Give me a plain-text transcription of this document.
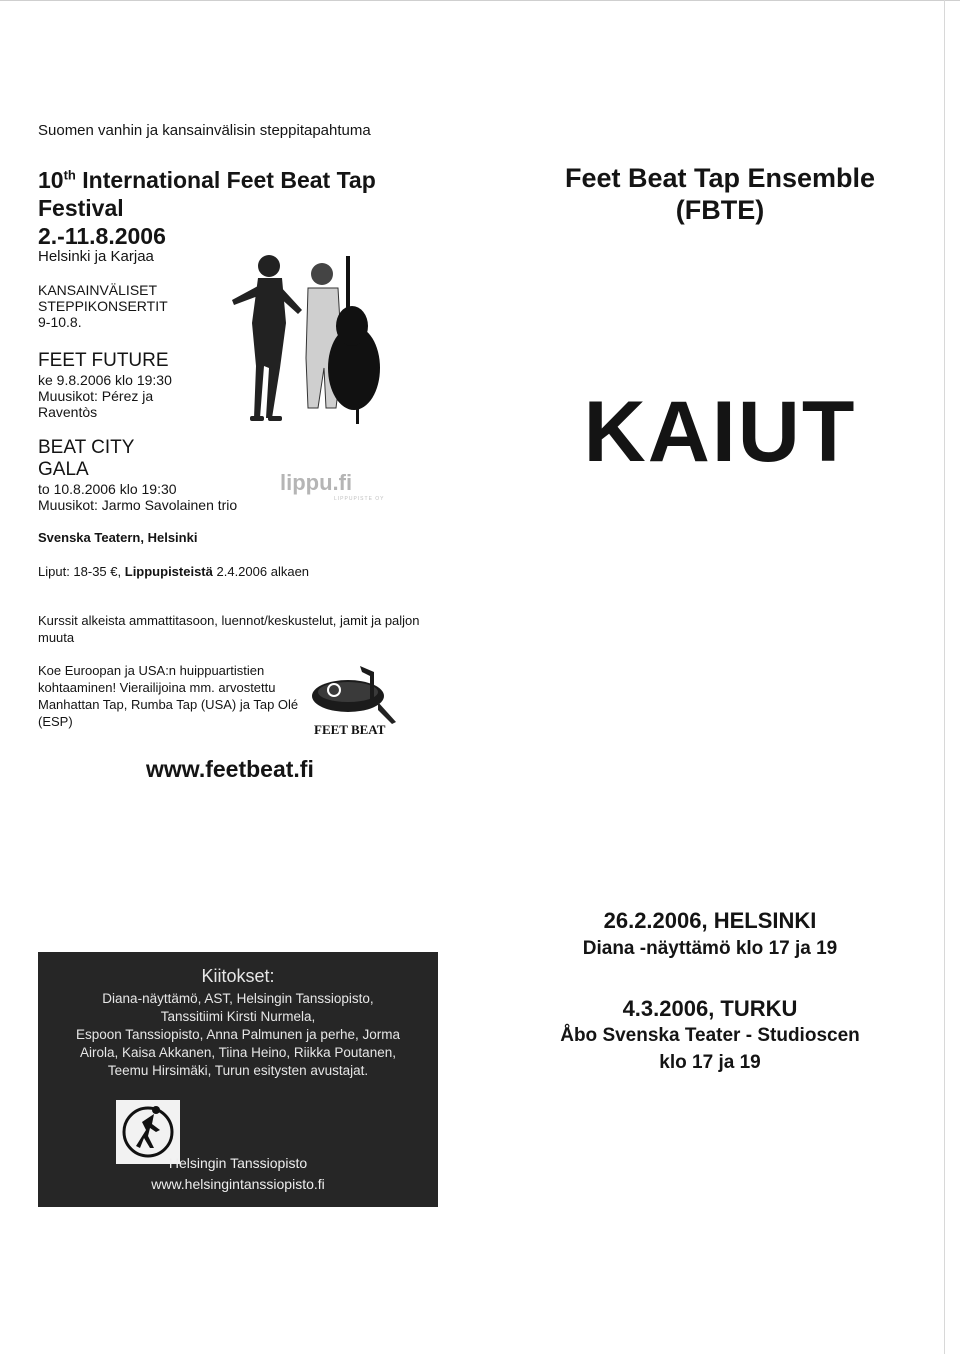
Suomen vanhin ja kansainvälisin steppitapahtuma
10th International Feet Beat Tap Festival
2.-11.8.2006
Helsinki ja Karjaa
KANSAINVÄLISET
STEPPIKONSERTIT
9-10.8.
FEET FUTURE
ke 9.8.2006 klo 19:30
Muusikot: Pérez ja
Raventòs
BEAT CITY
GALA
to 10.8.2006 klo 19:30
Muusikot: Jarmo Savolainen trio
lippu.fi
LIPPUPISTE OY
Svenska Teatern, Helsinki
Liput: 18-35 €, Lippupisteistä 2.4.2006 alkaen
Kurssit alkeista ammattitasoon, luennot/keskustelut, jamit ja paljon muuta
Koe Euroopan ja USA:n huippuartistien kohtaaminen! Vierailijoina mm. arvostettu Manhattan Tap, Rumba Tap (USA) ja Tap Olé (ESP)
FEET BEAT
www.feetbeat.fi
Feet Beat Tap Ensemble
(FBTE)
KAIUT
Kiitokset:
Diana-näyttämö, AST, Helsingin Tanssiopisto,
Tanssitiimi Kirsti Nurmela,
Espoon Tanssiopisto, Anna Palmunen ja perhe, Jorma
Airola, Kaisa Akkanen, Tiina Heino, Riikka Poutanen,
Teemu Hirsimäki, Turun esitysten avustajat.
Helsingin Tanssiopisto
www.helsingintanssiopisto.fi
26.2.2006, HELSINKI
Diana -näyttämö klo 17 ja 19
4.3.2006, TURKU
Åbo Svenska Teater - Studioscen
klo 17 ja 19
